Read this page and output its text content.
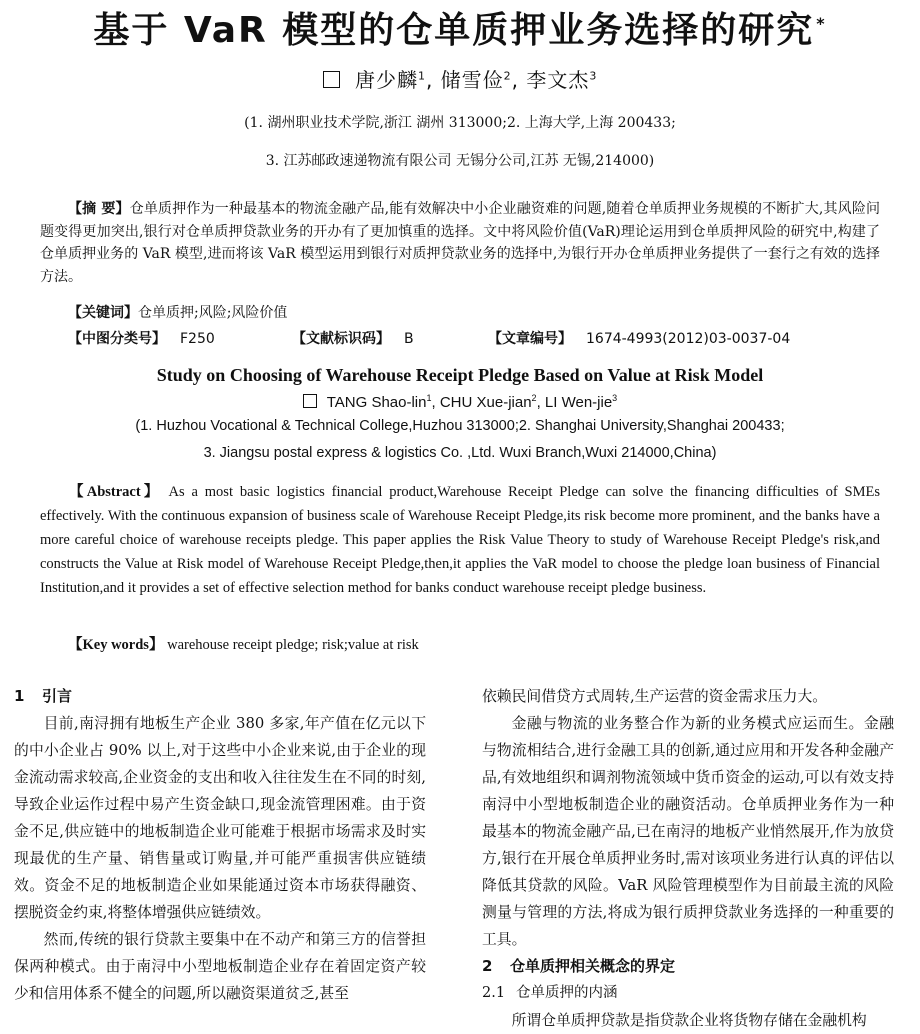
基于 VaR 模型的仓单质押业务选择的研究 *
唐少麟$^1$, 储雪俭$^2$, 李文杰$^3$
(1. 湖州职业技术学院,浙江 湖州 313000;2. 上海大学,上海 200433;
3. 江苏邮政速递物流有限公司 无锡分公司,江苏 无锡,214000)

【摘 要】仓单质押作为一种最基本的物流金融产品,能有效解决中小企业融资难的问题,随着仓单质押业务规模的不断扩大,其风险问题变得更加突出,银行对仓单质押贷款业务的开办有了更加慎重的选择。文中将风险价值(VaR)理论运用到仓单质押风险的研究中,构建了仓单质押业务的 VaR 模型,进而将该 VaR 模型运用到银行对质押贷款业务的选择中,为银行开办仓单质押业务提供了一套行之有效的选择方法。

【关键词】仓单质押;风险;风险价值
【中图分类号】 F250	【文献标识码】 B	【文章编号】 1674-4993(2012)03-0037-04
Study on Choosing of Warehouse Receipt Pledge Based on Value at Risk Model
TANG Shao-lin$^1$, CHU Xue-jian$^2$, LI Wen-jie$^3$
(1. Huzhou Vocational & Technical College,Huzhou 313000;2. Shanghai University,Shanghai 200433;
3. Jiangsu postal express & logistics Co. ,Ltd. Wuxi Branch,Wuxi 214000,China)

【Abstract】 As a most basic logistics financial product,Warehouse Receipt Pledge can solve the financing difficulties of SMEs effectively. With the continuous expansion of business scale of Warehouse Receipt Pledge,its risk become more prominent, and the banks have a more careful choice of warehouse receipts pledge. This paper applies the Risk Value Theory to study of Warehouse Receipt Pledge's risk,and constructs the Value at Risk model of Warehouse Receipt Pledge,then,it applies the VaR model to choose the pledge loan business of Financial Institution,and it provides a set of effective selection method for banks conduct warehouse receipt pledge business.

【Key words】 warehouse receipt pledge; risk;value at risk

1 引言

目前,南浔拥有地板生产企业 380 多家,年产值在亿元以下的中小企业占 90% 以上,对于这些中小企业来说,由于企业的现金流动需求较高,企业资金的支出和收入往往发生在不同的时刻,导致企业运作过程中易产生资金缺口,现金流管理困难。由于资金不足,供应链中的地板制造企业可能难于根据市场需求及时实现最优的生产量、销售量或订购量,并可能严重损害供应链绩效。资金不足的地板制造企业如果能通过资本市场获得融资、摆脱资金约束,将整体增强供应链绩效。

然而,传统的银行贷款主要集中在不动产和第三方的信誉担保两种模式。由于南浔中小型地板制造企业存在着固定资产较少和信用体系不健全的问题,所以融资渠道贫乏,甚至

依赖民间借贷方式周转,生产运营的资金需求压力大。

金融与物流的业务整合作为新的业务模式应运而生。金融与物流相结合,进行金融工具的创新,通过应用和开发各种金融产品,有效地组织和调剂物流领域中货币资金的运动,可以有效支持南浔中小型地板制造企业的融资活动。仓单质押业务作为一种最基本的物流金融产品,已在南浔的地板产业悄然展开,作为放贷方,银行在开展仓单质押业务时,需对该项业务进行认真的评估以降低其贷款的风险。VaR 风险管理模型作为目前最主流的风险测量与管理的方法,将成为银行质押贷款业务选择的一种重要的工具。

2 仓单质押相关概念的界定

2.1 仓单质押的内涵

所谓仓单质押贷款是指贷款企业将货物存储在金融机构
